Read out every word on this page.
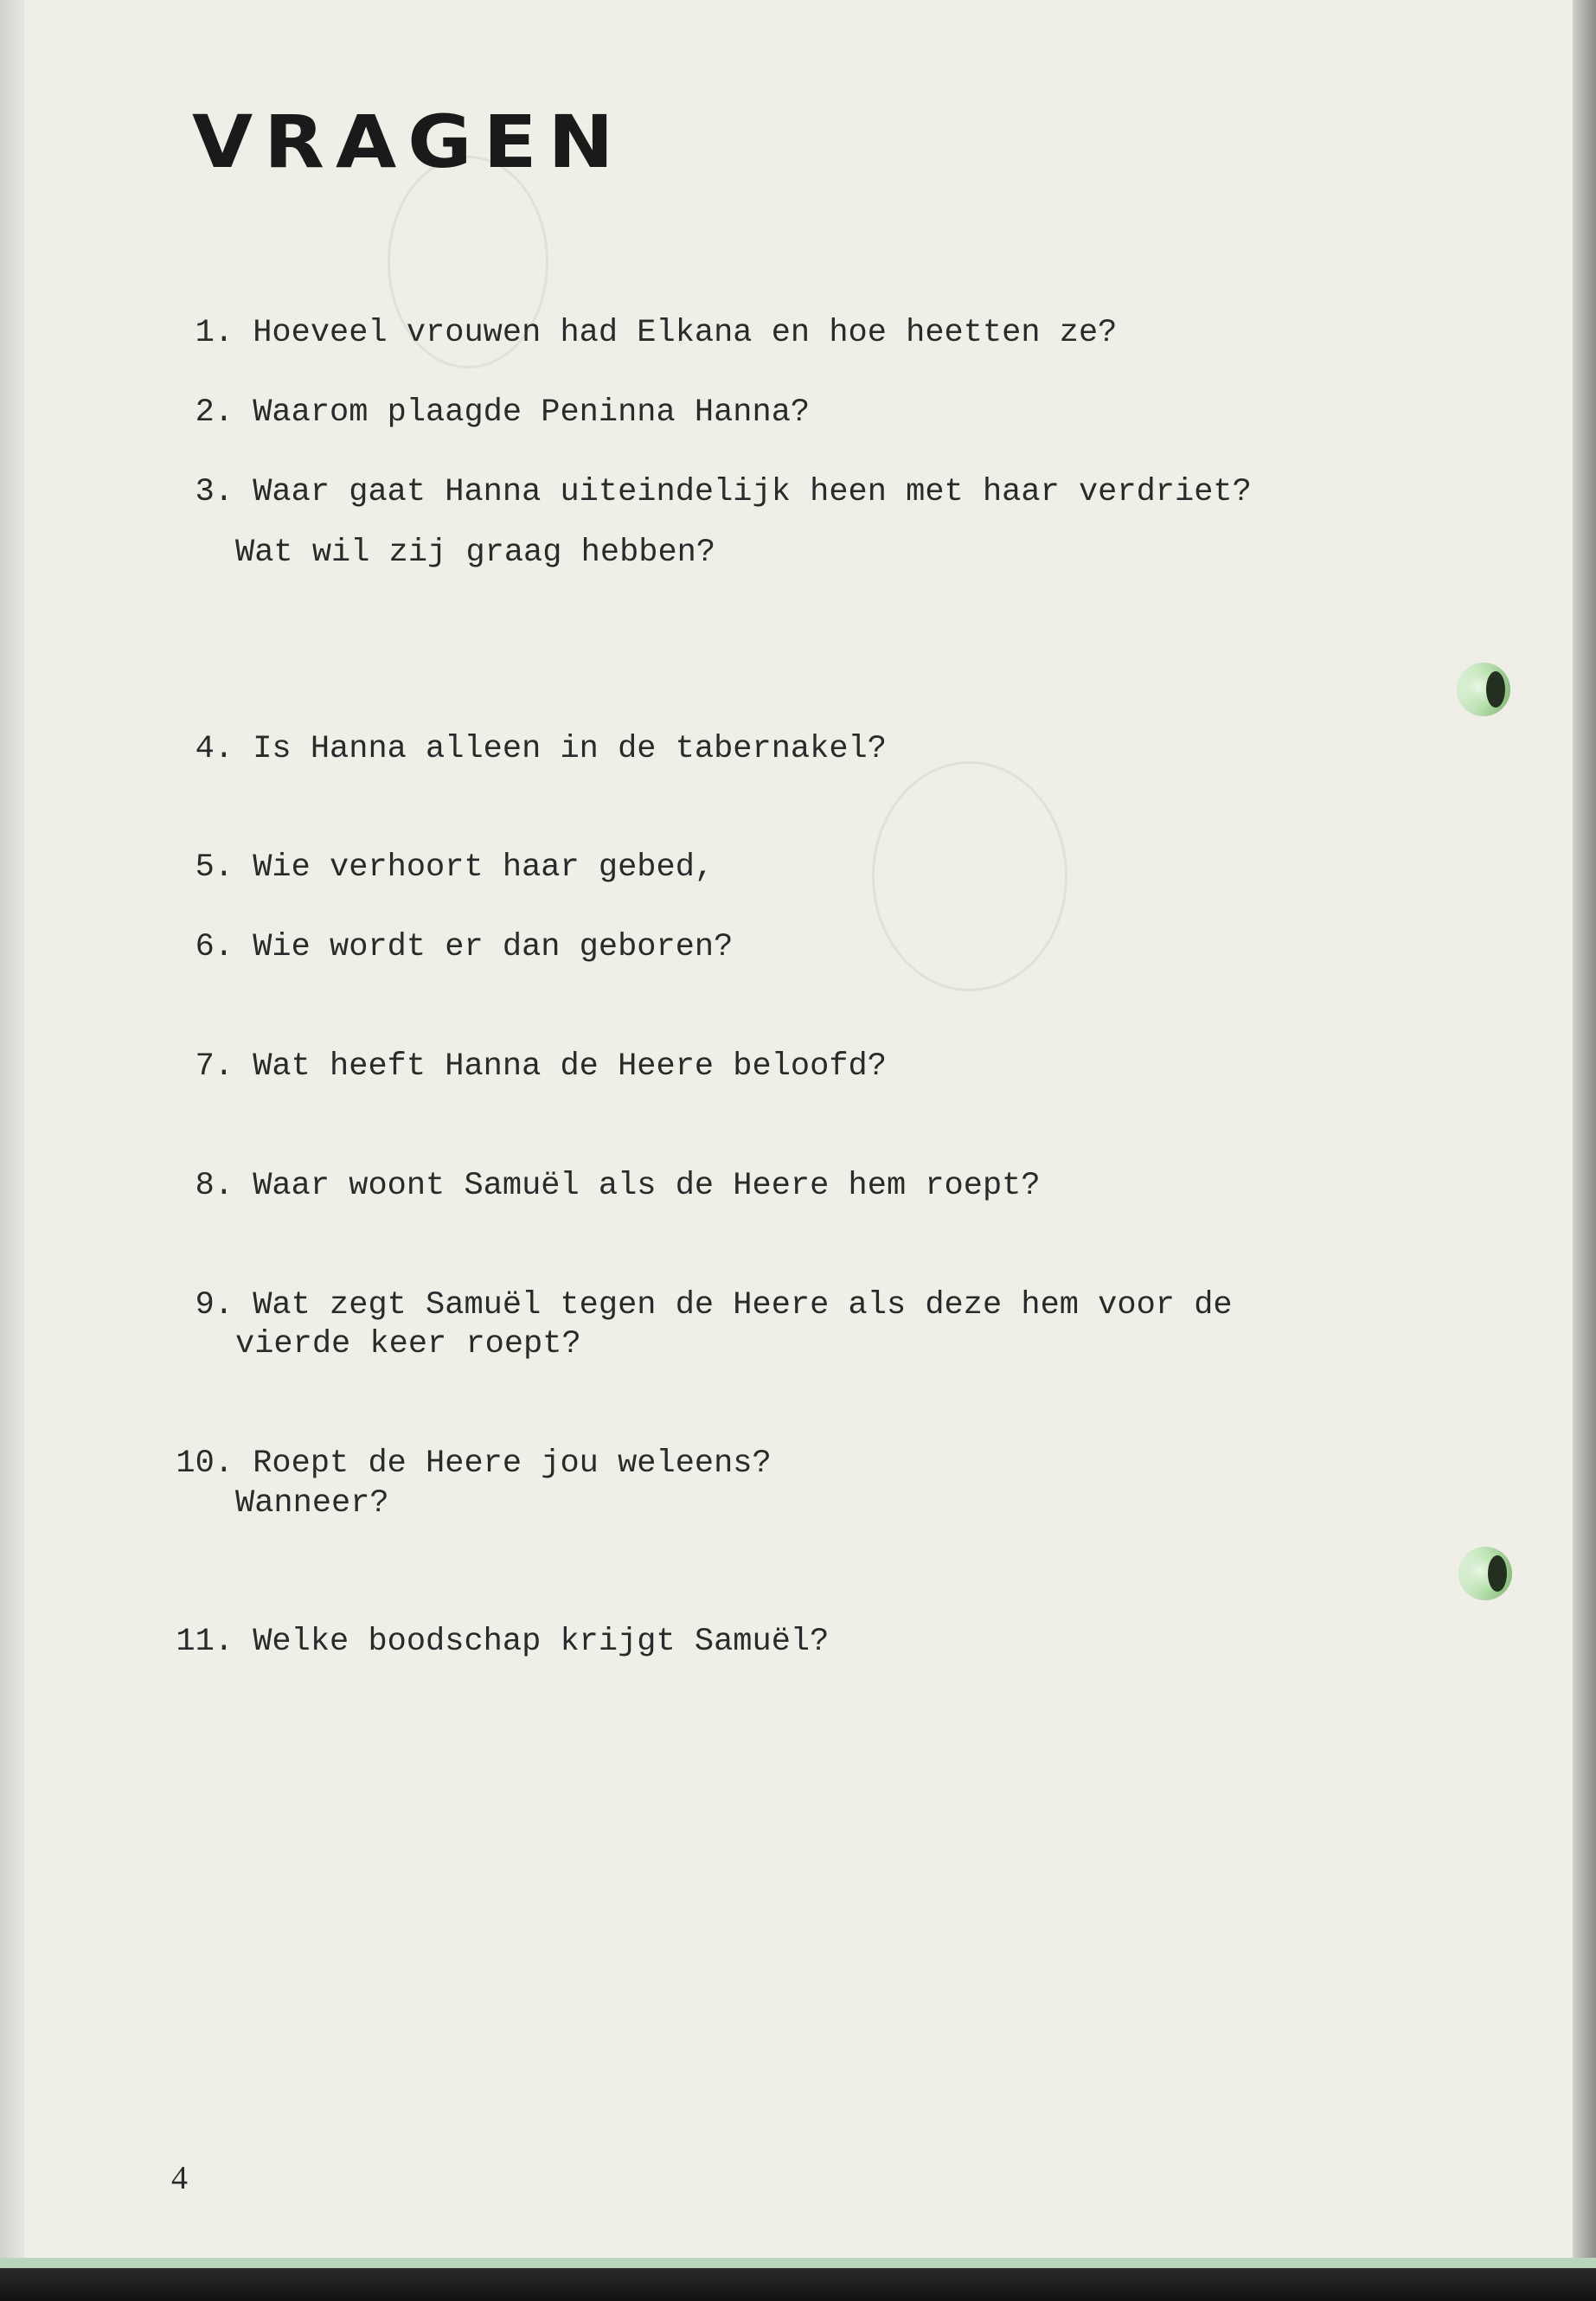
VRAGEN
1. Hoeveel vrouwen had Elkana en hoe heetten ze?
2. Waarom plaagde Peninna Hanna?
3. Waar gaat Hanna uiteindelijk heen met haar verdriet?
Wat wil zij graag hebben?
4. Is Hanna alleen in de tabernakel?
5. Wie verhoort haar gebed,
6. Wie wordt er dan geboren?
7. Wat heeft Hanna de Heere beloofd?
8. Waar woont Samuël als de Heere hem roept?
9. Wat zegt Samuël tegen de Heere als deze hem voor de
vierde keer roept?
10. Roept de Heere jou weleens?
Wanneer?
11. Welke boodschap krijgt Samuël?
4
